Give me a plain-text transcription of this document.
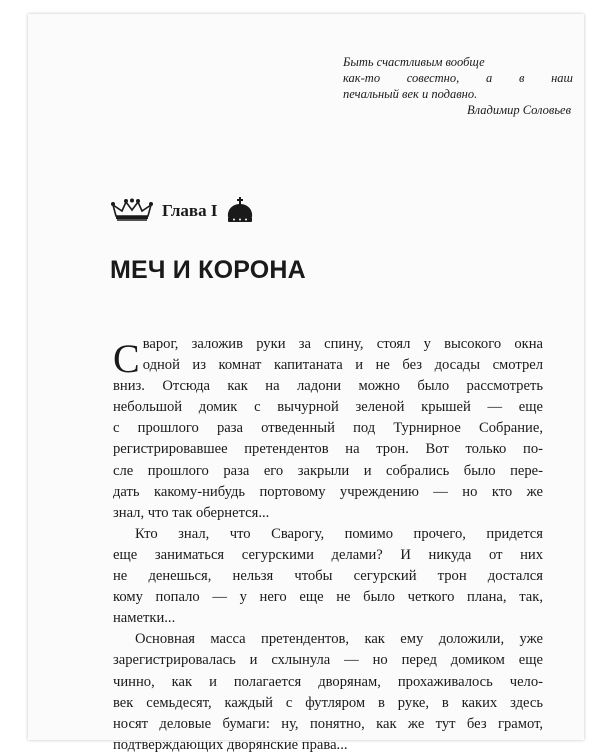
Быть счастливым вообще
как-то совестно, а в наш
печальный век и подавно.
Владимир Соловьев
Глава I
МЕЧ И КОРОНА
С варог, заложив руки за спину, стоял у высокого окна
одной из комнат капитаната и не без досады смотрел
вниз. Отсюда как на ладони можно было рассмотреть
небольшой домик с вычурной зеленой крышей — еще
с прошлого раза отведенный под Турнирное Собрание,
регистрировавшее претендентов на трон. Вот только по-
сле прошлого раза его закрыли и собрались было пере-
дать какому-нибудь портовому учреждению — но кто же
знал, что так обернется...
Кто знал, что Сварогу, помимо прочего, придется
еще заниматься сегурскими делами? И никуда от них
не денешься, нельзя чтобы сегурский трон достался
кому попало — у него еще не было четкого плана, так,
наметки...
Основная масса претендентов, как ему доложили, уже
зарегистрировалась и схлынула — но перед домиком еще
чинно, как и полагается дворянам, прохаживалось чело-
век семьдесят, каждый с футляром в руке, в каких здесь
носят деловые бумаги: ну, понятно, как же тут без грамот,
подтверждающих дворянские права...
